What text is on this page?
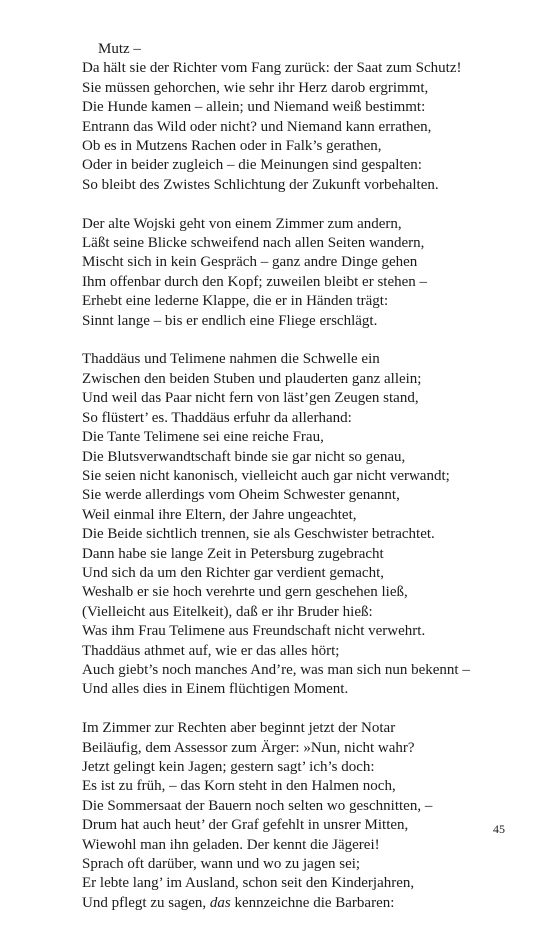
Mutz –
Da hält sie der Richter vom Fang zurück: der Saat zum Schutz!
Sie müssen gehorchen, wie sehr ihr Herz darob ergrimmt,
Die Hunde kamen – allein; und Niemand weiß bestimmt:
Entrann das Wild oder nicht? und Niemand kann errathen,
Ob es in Mutzens Rachen oder in Falk’s gerathen,
Oder in beider zugleich – die Meinungen sind gespalten:
So bleibt des Zwistes Schlichtung der Zukunft vorbehalten.
Der alte Wojski geht von einem Zimmer zum andern,
Läßt seine Blicke schweifend nach allen Seiten wandern,
Mischt sich in kein Gespräch – ganz andre Dinge gehen
Ihm offenbar durch den Kopf; zuweilen bleibt er stehen –
Erhebt eine lederne Klappe, die er in Händen trägt:
Sinnt lange – bis er endlich eine Fliege erschlägt.
Thaddäus und Telimene nahmen die Schwelle ein
Zwischen den beiden Stuben und plauderten ganz allein;
Und weil das Paar nicht fern von läst’gen Zeugen stand,
So flüstert’ es. Thaddäus erfuhr da allerhand:
Die Tante Telimene sei eine reiche Frau,
Die Blutsverwandtschaft binde sie gar nicht so genau,
Sie seien nicht kanonisch, vielleicht auch gar nicht verwandt;
Sie werde allerdings vom Oheim Schwester genannt,
Weil einmal ihre Eltern, der Jahre ungeachtet,
Die Beide sichtlich trennen, sie als Geschwister betrachtet.
Dann habe sie lange Zeit in Petersburg zugebracht
Und sich da um den Richter gar verdient gemacht,
Weshalb er sie hoch verehrte und gern geschehen ließ,
(Vielleicht aus Eitelkeit), daß er ihr Bruder hieß:
Was ihm Frau Telimene aus Freundschaft nicht verwehrt.
Thaddäus athmet auf, wie er das alles hört;
Auch giebt’s noch manches And’re, was man sich nun bekennt –
Und alles dies in Einem flüchtigen Moment.
Im Zimmer zur Rechten aber beginnt jetzt der Notar
Beiläufig, dem Assessor zum Ärger: »Nun, nicht wahr?
Jetzt gelingt kein Jagen; gestern sagt’ ich’s doch:
Es ist zu früh, – das Korn steht in den Halmen noch,
Die Sommersaat der Bauern noch selten wo geschnitten, –
Drum hat auch heut’ der Graf gefehlt in unsrer Mitten,
Wiewohl man ihn geladen. Der kennt die Jägerei!
Sprach oft darüber, wann und wo zu jagen sei;
Er lebte lang’ im Ausland, schon seit den Kinderjahren,
Und pflegt zu sagen, das kennzeichne die Barbaren:
45
